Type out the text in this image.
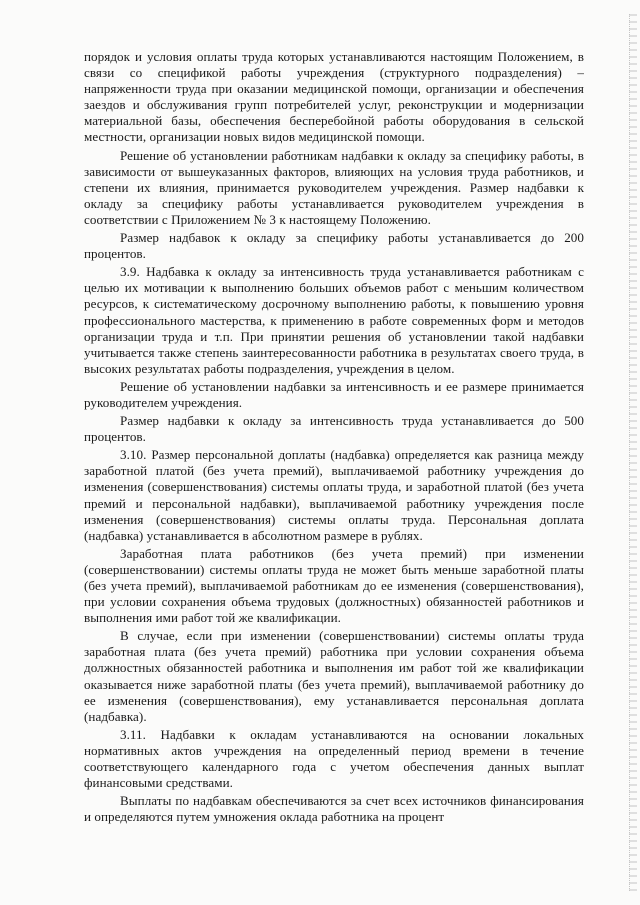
порядок и условия оплаты труда которых устанавливаются настоящим Положением, в связи со спецификой работы учреждения (структурного подразделения) – напряженности труда при оказании медицинской помощи, организации и обеспечения заездов и обслуживания групп потребителей услуг, реконструкции и модернизации материальной базы, обеспечения бесперебойной работы оборудования в сельской местности, организации новых видов медицинской помощи.

Решение об установлении работникам надбавки к окладу за специфику работы, в зависимости от вышеуказанных факторов, влияющих на условия труда работников, и степени их влияния, принимается руководителем учреждения. Размер надбавки к окладу за специфику работы устанавливается руководителем учреждения в соответствии с Приложением № 3 к настоящему Положению.

Размер надбавок к окладу за специфику работы устанавливается до 200 процентов.

3.9. Надбавка к окладу за интенсивность труда устанавливается работникам с целью их мотивации к выполнению больших объемов работ с меньшим количеством ресурсов, к систематическому досрочному выполнению работы, к повышению уровня профессионального мастерства, к применению в работе современных форм и методов организации труда и т.п. При принятии решения об установлении такой надбавки учитывается также степень заинтересованности работника в результатах своего труда, в высоких результатах работы подразделения, учреждения в целом.

Решение об установлении надбавки за интенсивность и ее размере принимается руководителем учреждения.

Размер надбавки к окладу за интенсивность труда устанавливается до 500 процентов.

3.10. Размер персональной доплаты (надбавка) определяется как разница между заработной платой (без учета премий), выплачиваемой работнику учреждения до изменения (совершенствования) системы оплаты труда, и заработной платой (без учета премий и персональной надбавки), выплачиваемой работнику учреждения после изменения (совершенствования) системы оплаты труда. Персональная доплата (надбавка) устанавливается в абсолютном размере в рублях.

Заработная плата работников (без учета премий) при изменении (совершенствовании) системы оплаты труда не может быть меньше заработной платы (без учета премий), выплачиваемой работникам до ее изменения (совершенствования), при условии сохранения объема трудовых (должностных) обязанностей работников и выполнения ими работ той же квалификации.

В случае, если при изменении (совершенствовании) системы оплаты труда заработная плата (без учета премий) работника при условии сохранения объема должностных обязанностей работника и выполнения им работ той же квалификации оказывается ниже заработной платы (без учета премий), выплачиваемой работнику до ее изменения (совершенствования), ему устанавливается персональная доплата (надбавка).

3.11. Надбавки к окладам устанавливаются на основании локальных нормативных актов учреждения на определенный период времени в течение соответствующего календарного года с учетом обеспечения данных выплат финансовыми средствами.

Выплаты по надбавкам обеспечиваются за счет всех источников финансирования и определяются путем умножения оклада работника на процент
